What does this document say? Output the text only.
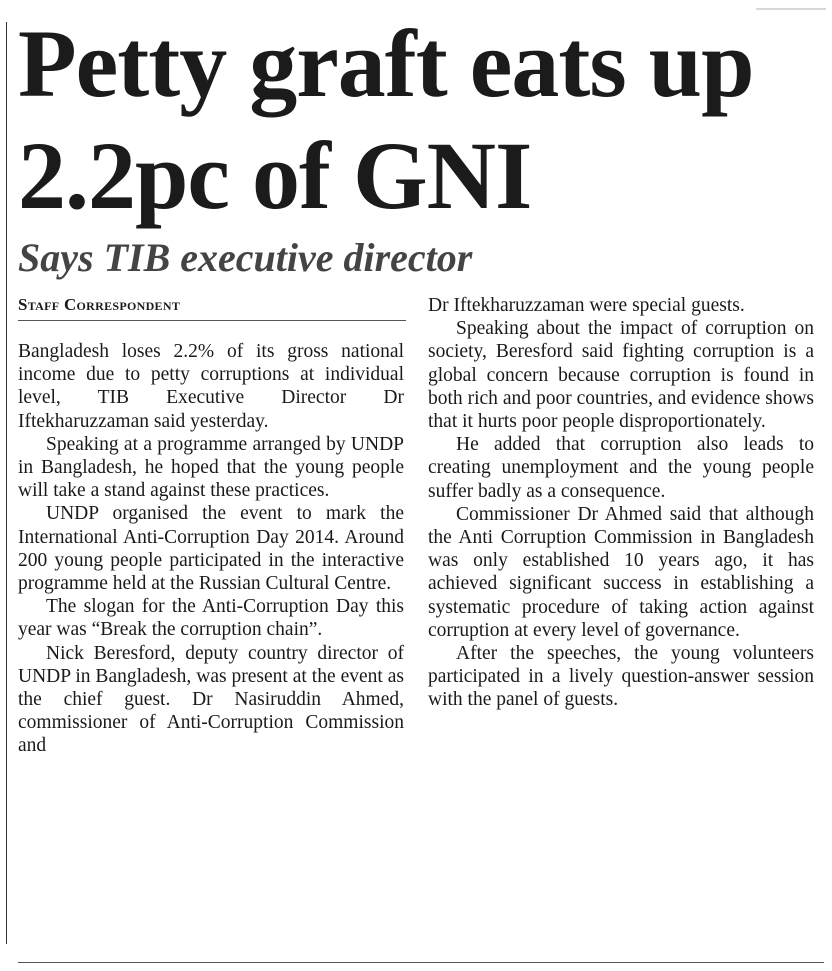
Petty graft eats up 2.2pc of GNI
Says TIB executive director
Staff Correspondent

Bangladesh loses 2.2% of its gross national income due to petty corruptions at individual level, TIB Executive Director Dr Iftekharuzzaman said yesterday.

Speaking at a programme arranged by UNDP in Bangladesh, he hoped that the young people will take a stand against these practices.

UNDP organised the event to mark the International Anti-Corruption Day 2014. Around 200 young people participated in the interactive programme held at the Russian Cultural Centre.

The slogan for the Anti-Corruption Day this year was “Break the corruption chain”.

Nick Beresford, deputy country director of UNDP in Bangladesh, was present at the event as the chief guest. Dr Nasiruddin Ahmed, commissioner of Anti-Corruption Commission and

Dr Iftekharuzzaman were special guests.

Speaking about the impact of corruption on society, Beresford said fighting corruption is a global concern because corruption is found in both rich and poor countries, and evidence shows that it hurts poor people disproportionately.

He added that corruption also leads to creating unemployment and the young people suffer badly as a consequence.

Commissioner Dr Ahmed said that although the Anti Corruption Commission in Bangladesh was only established 10 years ago, it has achieved significant success in establishing a systematic procedure of taking action against corruption at every level of governance.

After the speeches, the young volunteers participated in a lively question-answer session with the panel of guests.
